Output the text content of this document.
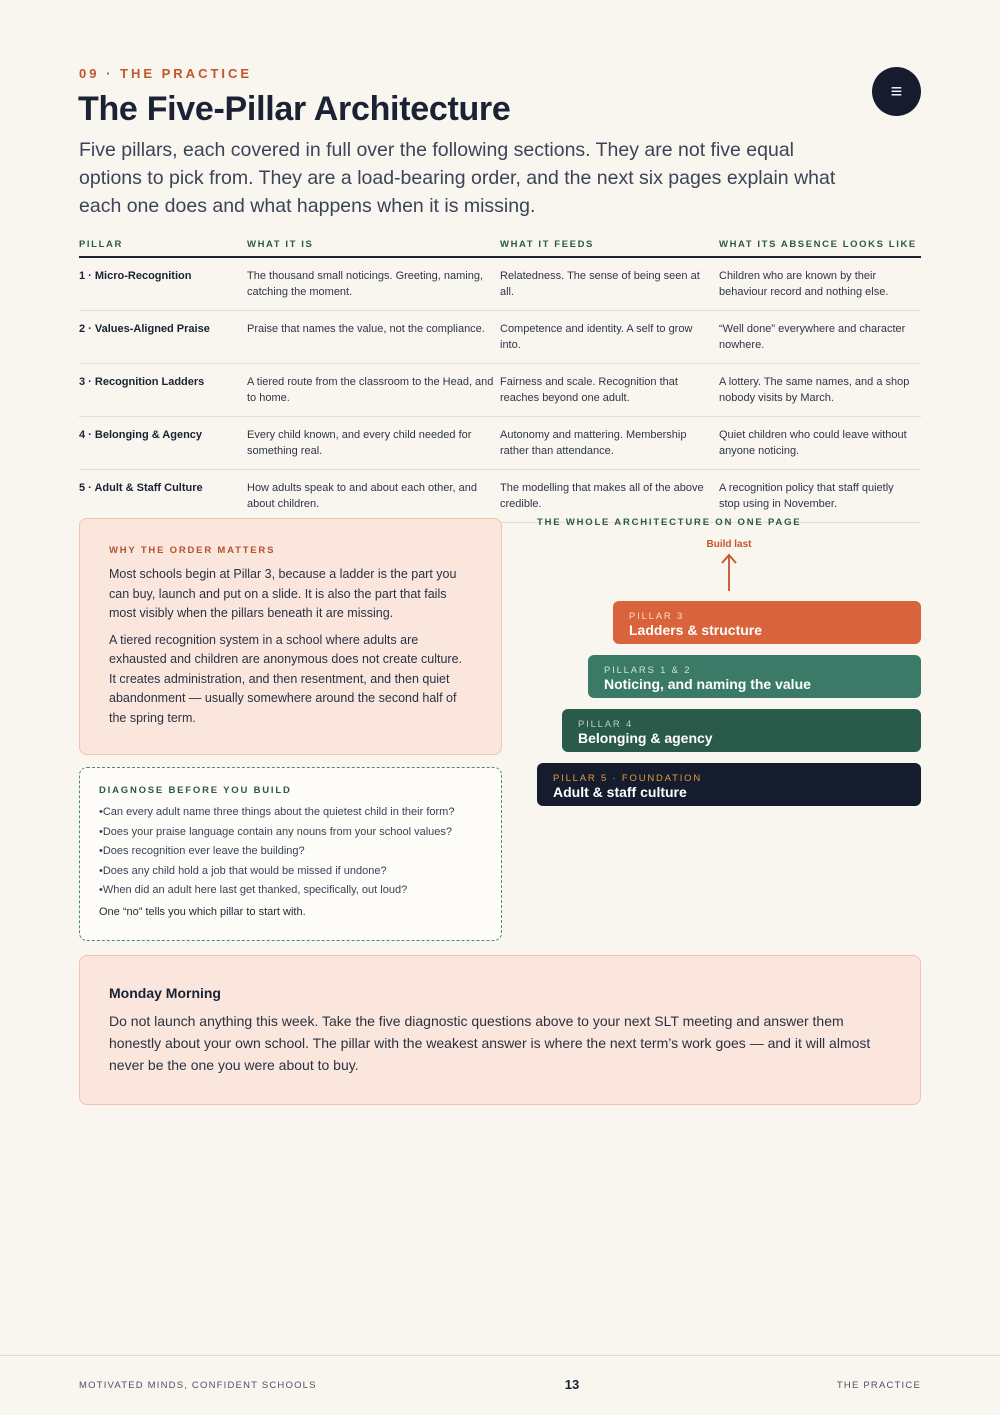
09 · THE PRACTICE
The Five-Pillar Architecture	≡

Five pillars, each covered in full over the following sections. They are not five equal options to pick from. They are a load-bearing order, and the next six pages explain what each one does and what happens when it is missing.

PILLAR	WHAT IT IS	WHAT IT FEEDS	WHAT ITS ABSENCE LOOKS LIKE
1 · Micro-Recognition	The thousand small noticings. Greeting, naming, catching the moment.	Relatedness. The sense of being seen at all.	Children who are known by their behaviour record and nothing else.
2 · Values-Aligned Praise	Praise that names the value, not the compliance.	Competence and identity. A self to grow into.	“Well done” everywhere and character nowhere.
3 · Recognition Ladders	A tiered route from the classroom to the Head, and to home.	Fairness and scale. Recognition that reaches beyond one adult.	A lottery. The same names, and a shop nobody visits by March.
4 · Belonging & Agency	Every child known, and every child needed for something real.	Autonomy and mattering. Membership rather than attendance.	Quiet children who could leave without anyone noticing.
5 · Adult & Staff Culture	How adults speak to and about each other, and about children.	The modelling that makes all of the above credible.	A recognition policy that staff quietly stop using in November.
WHY THE ORDER MATTERS

Most schools begin at Pillar 3, because a ladder is the part you can buy, launch and put on a slide. It is also the part that fails most visibly when the pillars beneath it are missing.

A tiered recognition system in a school where adults are exhausted and children are anonymous does not create culture. It creates administration, and then resentment, and then quiet abandonment — usually somewhere around the second half of the spring term.

DIAGNOSE BEFORE YOU BUILD
• Can every adult name three things about the quietest child in their form?
• Does your praise language contain any nouns from your school values?
• Does recognition ever leave the building?
• Does any child hold a job that would be missed if undone?
• When did an adult here last get thanked, specifically, out loud?
One “no” tells you which pillar to start with.
THE WHOLE ARCHITECTURE ON ONE PAGE
Build last
PILLAR 3
Ladders & structure
PILLARS 1 & 2
Noticing, and naming the value
PILLAR 4
Belonging & agency
PILLAR 5 · FOUNDATION
Adult & staff culture
Monday Morning

Do not launch anything this week. Take the five diagnostic questions above to your next SLT meeting and answer them honestly about your own school. The pillar with the weakest answer is where the next term’s work goes — and it will almost never be the one you were about to buy.

MOTIVATED MINDS, CONFIDENT SCHOOLS	13	THE PRACTICE
